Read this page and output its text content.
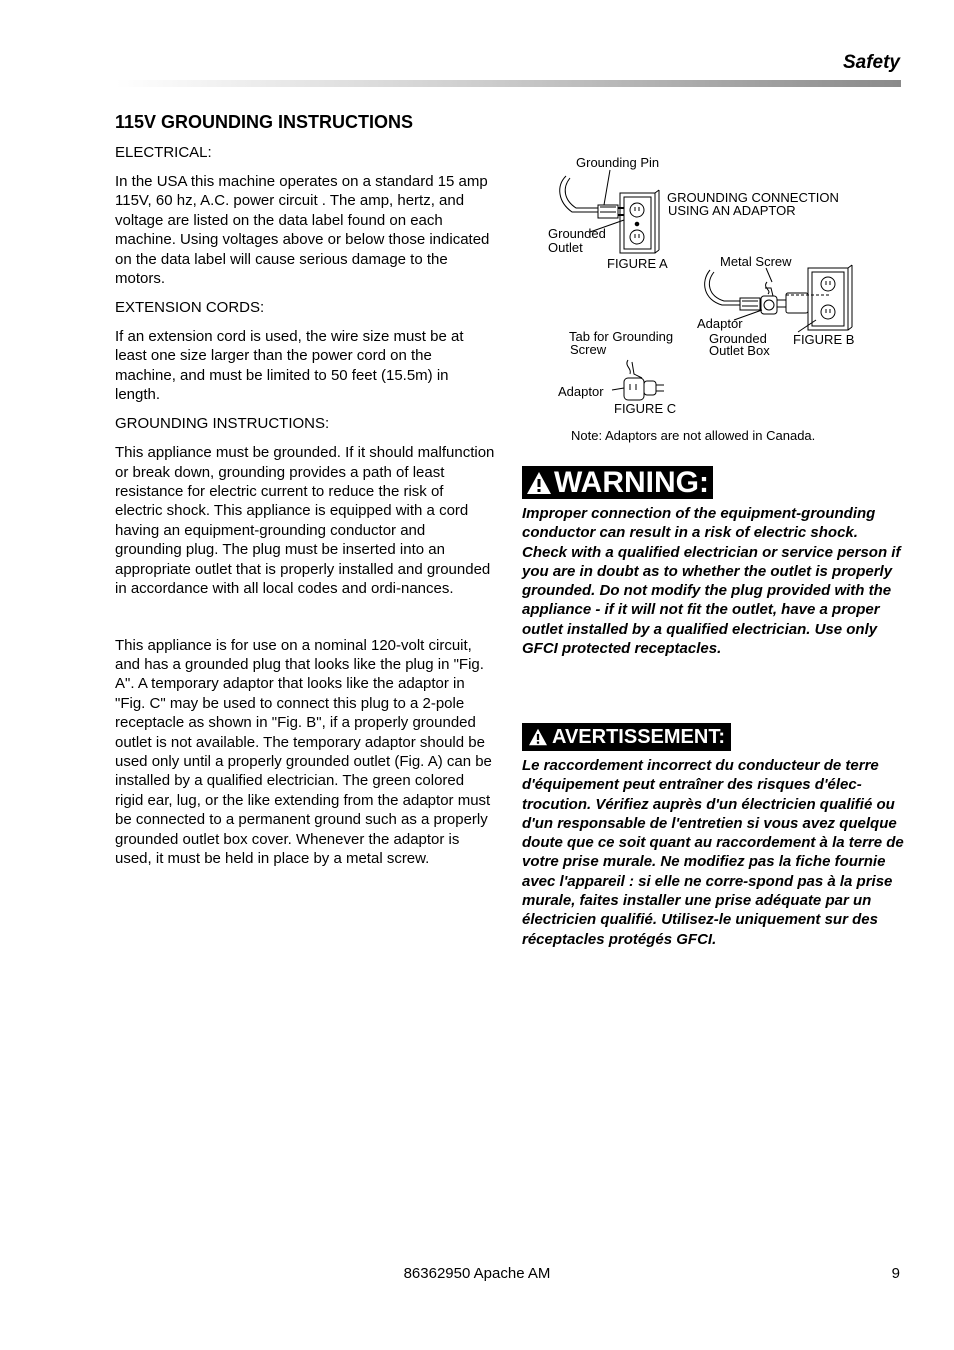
Safety
115V GROUNDING INSTRUCTIONS

ELECTRICAL:

In the USA this machine operates on a standard 15 amp 115V, 60 hz, A.C. power circuit . The amp, hertz, and voltage are listed on the data label found on each machine. Using voltages above or below those indicated on the data label will cause serious damage to the motors.

EXTENSION CORDS:

If an extension cord is used, the wire size must be at least one size larger than the power cord on the machine, and must be limited to 50 feet (15.5m) in length.

GROUNDING INSTRUCTIONS:

This appliance must be grounded. If it should malfunction or break down, grounding provides a path of least resistance for electric current to reduce the risk of electric shock. This appliance is equipped with a cord having an equipment-grounding conductor and grounding plug. The plug must be inserted into an appropriate outlet that is properly installed and grounded in accordance with all local codes and ordi-nances.

This appliance is for use on a nominal 120-volt circuit, and has a grounded plug that looks like the plug in "Fig. A". A temporary adaptor that looks like the adaptor in "Fig. C" may be used to connect this plug to a 2-pole receptacle as shown in "Fig. B", if a properly grounded outlet is not available. The temporary adaptor should be used only until a properly grounded outlet (Fig. A) can be installed by a qualified electrician. The green colored rigid ear, lug, or the like extending from the adaptor must be connected to a permanent ground such as a properly grounded outlet box cover. Whenever the adaptor is used, it must be held in place by a metal screw.

Grounding Pin
GROUNDING CONNECTION
USING AN ADAPTOR
Grounded
Outlet
FIGURE A	Metal Screw
Adaptor
Grounded
Outlet Box
FIGURE B
Tab for Grounding
Screw
Adaptor
FIGURE C
Note: Adaptors are not allowed in Canada.
WARNING:

Improper connection of the equipment-grounding conductor can result in a risk of electric shock. Check with a qualified electrician or service person if you are in doubt as to whether the outlet is properly grounded. Do not modify the plug provided with the appliance - if it will not fit the outlet, have a proper outlet installed by a qualified electrician. Use only GFCI protected receptacles.

AVERTISSEMENT:

Le raccordement incorrect du conducteur de terre d'équipement peut entraîner des risques d'élec-trocution. Vérifiez auprès d'un électricien qualifié ou d'un responsable de l'entretien si vous avez quelque doute que ce soit quant au raccordement à la terre de votre prise murale. Ne modifiez pas la fiche fournie avec l'appareil : si elle ne corre-spond pas à la prise murale, faites installer une prise adéquate par un électricien qualifié. Utilisez-le uniquement sur des réceptacles protégés GFCI.

86362950 Apache AM	9
